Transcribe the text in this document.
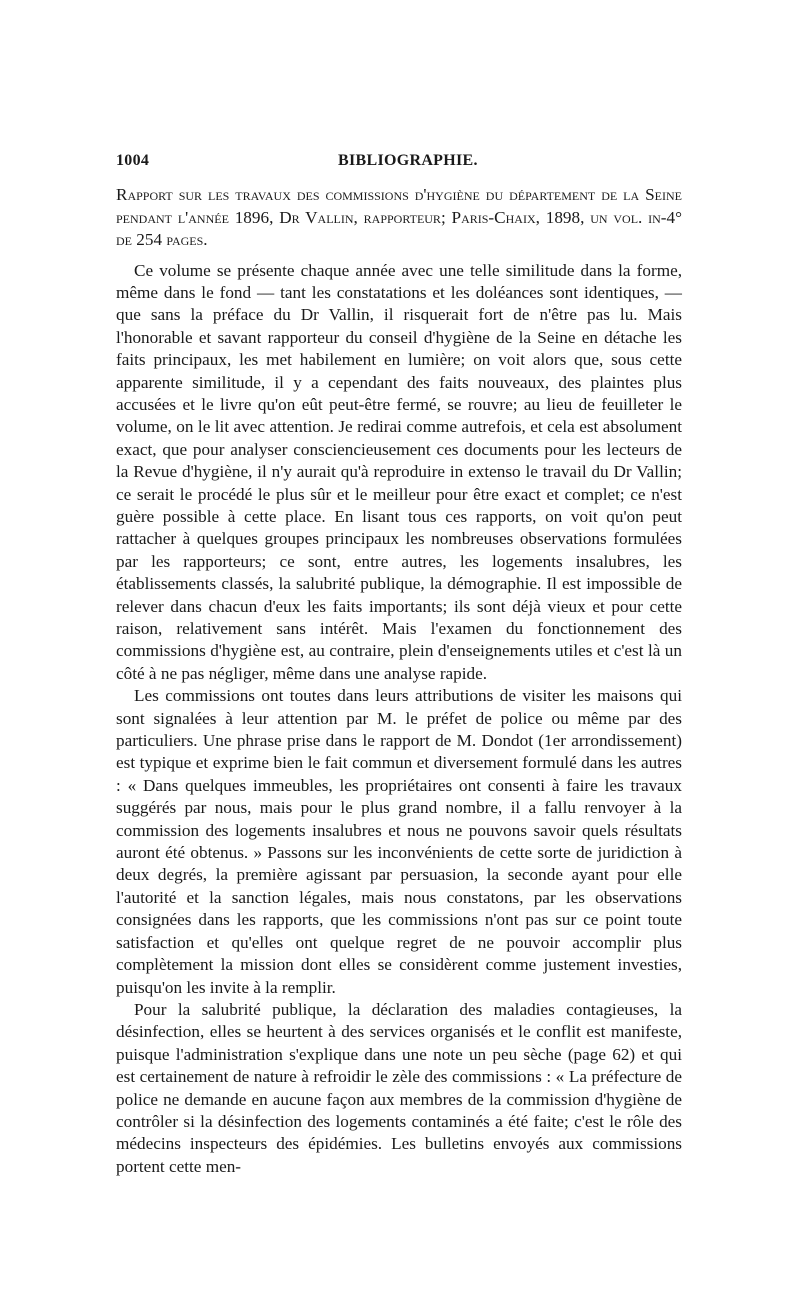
1004	BIBLIOGRAPHIE.
Rapport sur les travaux des commissions d'hygiène du département de la Seine pendant l'année 1896, Dr Vallin, rapporteur; Paris-Chaix, 1898, un vol. in-4° de 254 pages.

Ce volume se présente chaque année avec une telle similitude dans la forme, même dans le fond — tant les constatations et les doléances sont identiques, — que sans la préface du Dr Vallin, il risquerait fort de n'être pas lu. Mais l'honorable et savant rapporteur du conseil d'hygiène de la Seine en détache les faits principaux, les met habilement en lumière; on voit alors que, sous cette apparente similitude, il y a cependant des faits nouveaux, des plaintes plus accusées et le livre qu'on eût peut-être fermé, se rouvre; au lieu de feuilleter le volume, on le lit avec attention. Je redirai comme autrefois, et cela est absolument exact, que pour analyser consciencieusement ces documents pour les lecteurs de la Revue d'hygiène, il n'y aurait qu'à reproduire in extenso le travail du Dr Vallin; ce serait le procédé le plus sûr et le meilleur pour être exact et complet; ce n'est guère possible à cette place. En lisant tous ces rapports, on voit qu'on peut rattacher à quelques groupes principaux les nombreuses observations formulées par les rapporteurs; ce sont, entre autres, les logements insalubres, les établissements classés, la salubrité publique, la démographie. Il est impossible de relever dans chacun d'eux les faits importants; ils sont déjà vieux et pour cette raison, relativement sans intérêt. Mais l'examen du fonctionnement des commissions d'hygiène est, au contraire, plein d'enseignements utiles et c'est là un côté à ne pas négliger, même dans une analyse rapide.

Les commissions ont toutes dans leurs attributions de visiter les maisons qui sont signalées à leur attention par M. le préfet de police ou même par des particuliers. Une phrase prise dans le rapport de M. Dondot (1er arrondissement) est typique et exprime bien le fait commun et diversement formulé dans les autres : « Dans quelques immeubles, les propriétaires ont consenti à faire les travaux suggérés par nous, mais pour le plus grand nombre, il a fallu renvoyer à la commission des logements insalubres et nous ne pouvons savoir quels résultats auront été obtenus. » Passons sur les inconvénients de cette sorte de juridiction à deux degrés, la première agissant par persuasion, la seconde ayant pour elle l'autorité et la sanction légales, mais nous constatons, par les observations consignées dans les rapports, que les commissions n'ont pas sur ce point toute satisfaction et qu'elles ont quelque regret de ne pouvoir accomplir plus complètement la mission dont elles se considèrent comme justement investies, puisqu'on les invite à la remplir.

Pour la salubrité publique, la déclaration des maladies contagieuses, la désinfection, elles se heurtent à des services organisés et le conflit est manifeste, puisque l'administration s'explique dans une note un peu sèche (page 62) et qui est certainement de nature à refroidir le zèle des commissions : « La préfecture de police ne demande en aucune façon aux membres de la commission d'hygiène de contrôler si la désinfection des logements contaminés a été faite; c'est le rôle des médecins inspecteurs des épidémies. Les bulletins envoyés aux commissions portent cette men-
